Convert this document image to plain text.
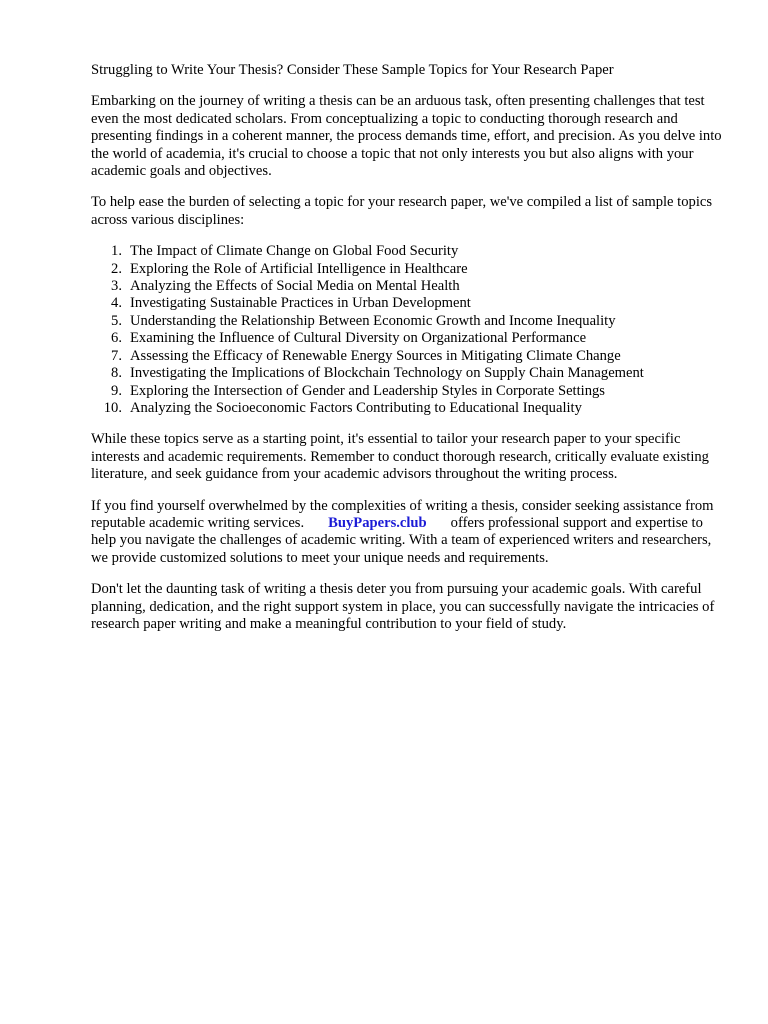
Struggling to Write Your Thesis? Consider These Sample Topics for Your Research Paper

Embarking on the journey of writing a thesis can be an arduous task, often presenting challenges that test even the most dedicated scholars. From conceptualizing a topic to conducting thorough research and presenting findings in a coherent manner, the process demands time, effort, and precision. As you delve into the world of academia, it's crucial to choose a topic that not only interests you but also aligns with your academic goals and objectives.

To help ease the burden of selecting a topic for your research paper, we've compiled a list of sample topics across various disciplines:

1. The Impact of Climate Change on Global Food Security
2. Exploring the Role of Artificial Intelligence in Healthcare
3. Analyzing the Effects of Social Media on Mental Health
4. Investigating Sustainable Practices in Urban Development
5. Understanding the Relationship Between Economic Growth and Income Inequality
6. Examining the Influence of Cultural Diversity on Organizational Performance
7. Assessing the Efficacy of Renewable Energy Sources in Mitigating Climate Change
8. Investigating the Implications of Blockchain Technology on Supply Chain Management
9. Exploring the Intersection of Gender and Leadership Styles in Corporate Settings
10. Analyzing the Socioeconomic Factors Contributing to Educational Inequality

While these topics serve as a starting point, it's essential to tailor your research paper to your specific interests and academic requirements. Remember to conduct thorough research, critically evaluate existing literature, and seek guidance from your academic advisors throughout the writing process.

If you find yourself overwhelmed by the complexities of writing a thesis, consider seeking assistance from reputable academic writing services. BuyPapers.club offers professional support and expertise to help you navigate the challenges of academic writing. With a team of experienced writers and researchers, we provide customized solutions to meet your unique needs and requirements.

Don't let the daunting task of writing a thesis deter you from pursuing your academic goals. With careful planning, dedication, and the right support system in place, you can successfully navigate the intricacies of research paper writing and make a meaningful contribution to your field of study.
